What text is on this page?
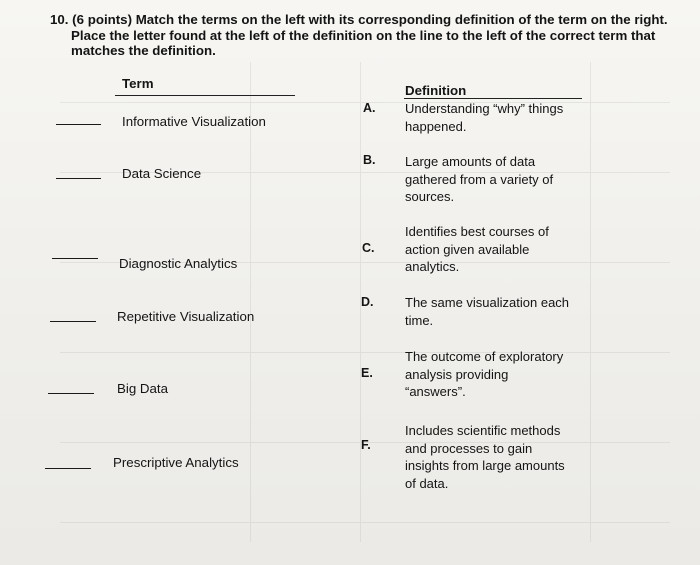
10. (6 points) Match the terms on the left with its corresponding definition of the term on the right.
Place the letter found at the left of the definition on the line to the left of the correct term that
matches the definition.
Term	Definition
Informative Visualization
Data Science
Diagnostic Analytics
Repetitive Visualization
Big Data
Prescriptive Analytics
A. Understanding “why” things
happened.
B. Large amounts of data
gathered from a variety of
sources.
C.
Identifies best courses of
action given available
analytics.
D. The same visualization each
time.
E.
The outcome of exploratory
analysis providing
“answers”.
F.
Includes scientific methods
and processes to gain
insights from large amounts
of data.
